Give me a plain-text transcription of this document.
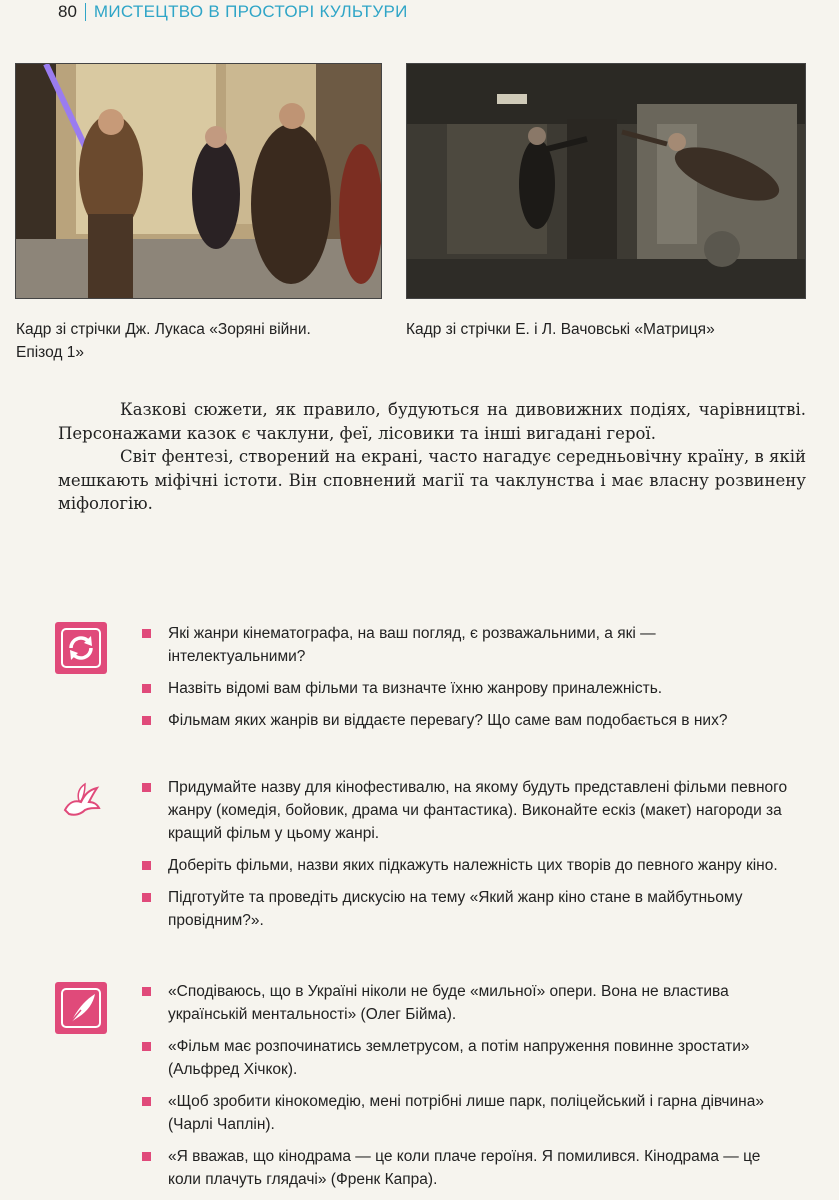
80 МИСТЕЦТВО В ПРОСТОРІ КУЛЬТУРИ
Кадр зі стрічки Дж. Лукаса «Зоряні війни. Епізод 1»
Кадр зі стрічки Е. і Л. Вачовські «Матриця»

Казкові сюжети, як правило, будуються на дивовижних подіях, чарівництві. Персонажами казок є чаклуни, феї, лісовики та інші вигадані герої.

Світ фентезі, створений на екрані, часто нагадує середньовічну країну, в якій мешкають міфічні істоти. Він сповнений магії та чаклунства і має власну розвинену міфологію.

Які жанри кінематографа, на ваш погляд, є розважальними, а які — інтелектуальними?
Назвіть відомі вам фільми та визначте їхню жанрову приналежність.
Фільмам яких жанрів ви віддаєте перевагу? Що саме вам подобається в них?
Придумайте назву для кінофестивалю, на якому будуть представлені фільми певного жанру (комедія, бойовик, драма чи фантастика). Виконайте ескіз (макет) нагороди за кращий фільм у цьому жанрі.
Доберіть фільми, назви яких підкажуть належність цих творів до певного жанру кіно.
Підготуйте та проведіть дискусію на тему «Який жанр кіно стане в майбутньому провідним?».
«Сподіваюсь, що в Україні ніколи не буде «мильної» опери. Вона не властива українській ментальності» (Олег Бійма).
«Фільм має розпочинатись землетрусом, а потім напруження повинне зростати» (Альфред Хічкок).
«Щоб зробити кінокомедію, мені потрібні лише парк, поліцейський і гарна дівчина» (Чарлі Чаплін).
«Я вважав, що кінодрама — це коли плаче героїня. Я помилився. Кінодрама — це коли плачуть глядачі» (Френк Капра).
